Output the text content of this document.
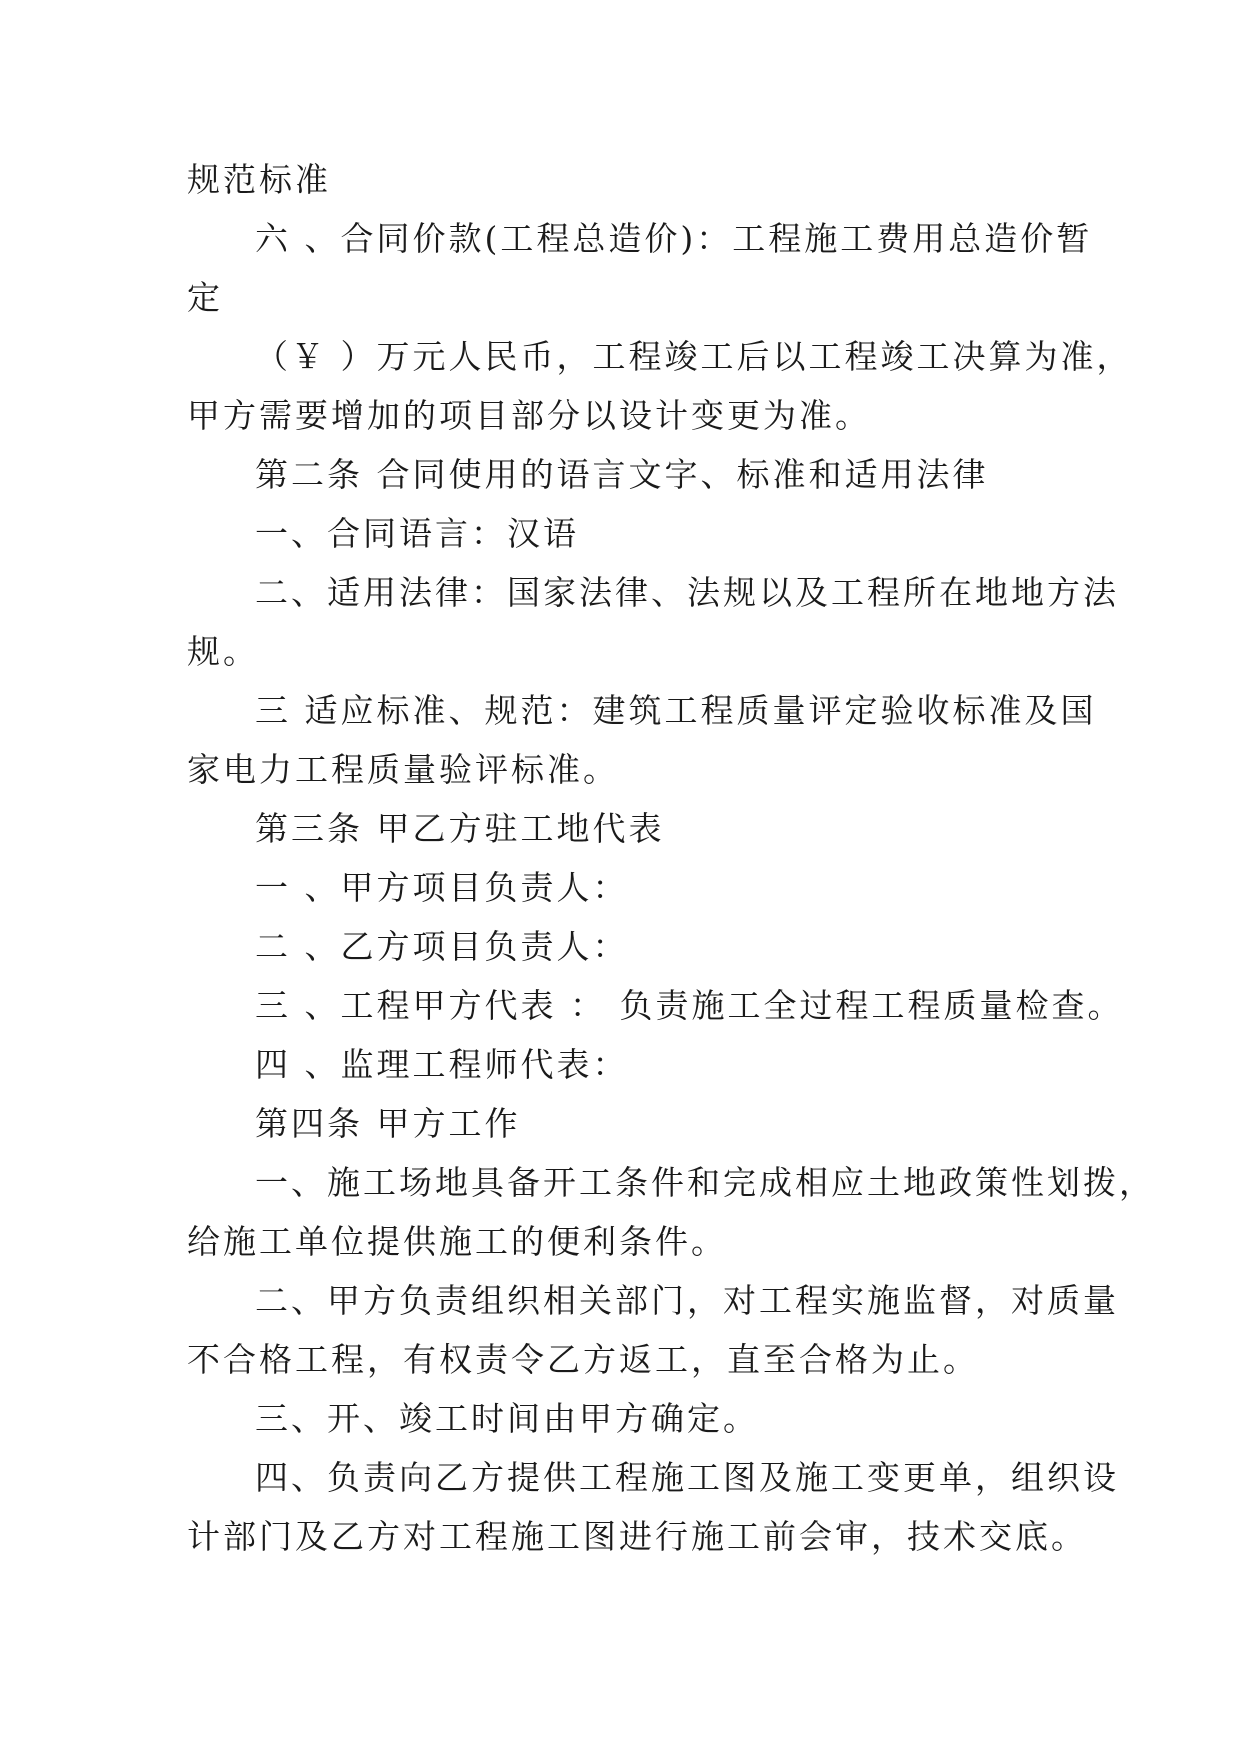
规范标准
六 、合同价款(工程总造价)：工程施工费用总造价暂
定
（￥ ）万元人民币，工程竣工后以工程竣工决算为准，
甲方需要增加的项目部分以设计变更为准。
第二条 合同使用的语言文字、标准和适用法律
一、合同语言：汉语
二、适用法律：国家法律、法规以及工程所在地地方法
规。
三 适应标准、规范：建筑工程质量评定验收标准及国
家电力工程质量验评标准。
第三条 甲乙方驻工地代表
一 、甲方项目负责人：
二 、乙方项目负责人：
三 、工程甲方代表 ： 负责施工全过程工程质量检查。
四 、监理工程师代表：
第四条 甲方工作
一、施工场地具备开工条件和完成相应土地政策性划拨，
给施工单位提供施工的便利条件。
二、甲方负责组织相关部门，对工程实施监督，对质量
不合格工程，有权责令乙方返工，直至合格为止。
三、开、竣工时间由甲方确定。
四、负责向乙方提供工程施工图及施工变更单，组织设
计部门及乙方对工程施工图进行施工前会审，技术交底。
